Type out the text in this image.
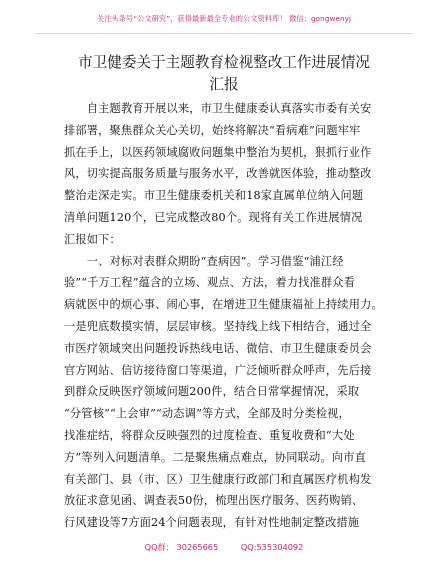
关注头条号“公文研究”，获得最新最全专业的公文资料库！ 微信：gongwenyj
市卫健委关于主题教育检视整改工作进展情况
汇报
　　自主题教育开展以来，市卫生健康委认真落实市委有关安
排部署，聚焦群众关心关切，始终将解决“看病难”问题牢牢
抓在手上，以医药领域腐败问题集中整治为契机，狠抓行业作
风，切实提高服务质量与服务水平，改善就医体验，推动整改
整治走深走实。市卫生健康委机关和18家直属单位纳入问题
清单问题120个，已完成整改80个。现将有关工作进展情况
汇报如下：
　　一、对标对表群众期盼“查病因”。学习借鉴“浦江经
验”“千万工程”蕴含的立场、观点、方法，着力找准群众看
病就医中的烦心事、闹心事，在增进卫生健康福祉上持续用力。
一是兜底数摸实情，层层审核。坚持线上线下相结合，通过全
市医疗领域突出问题投诉热线电话、微信、市卫生健康委员会
官方网站、信访接待窗口等渠道，广泛倾听群众呼声，先后接
到群众反映医疗领域问题200件，结合日常掌握情况，采取
“分管核”“上会审”“动态调”等方式，全部及时分类检视，
找准症结，将群众反映强烈的过度检查、重复收费和“大处
方”等列入问题清单。二是聚焦痛点难点，协同联动。向市直
有关部门、县（市、区）卫生健康行政部门和直属医疗机构发
放征求意见函、调查表50份，梳理出医疗服务、医药购销、
行风建设等7方面24个问题表现，有针对性地制定整改措施
QQ群： 30265665	QQ:535304092
